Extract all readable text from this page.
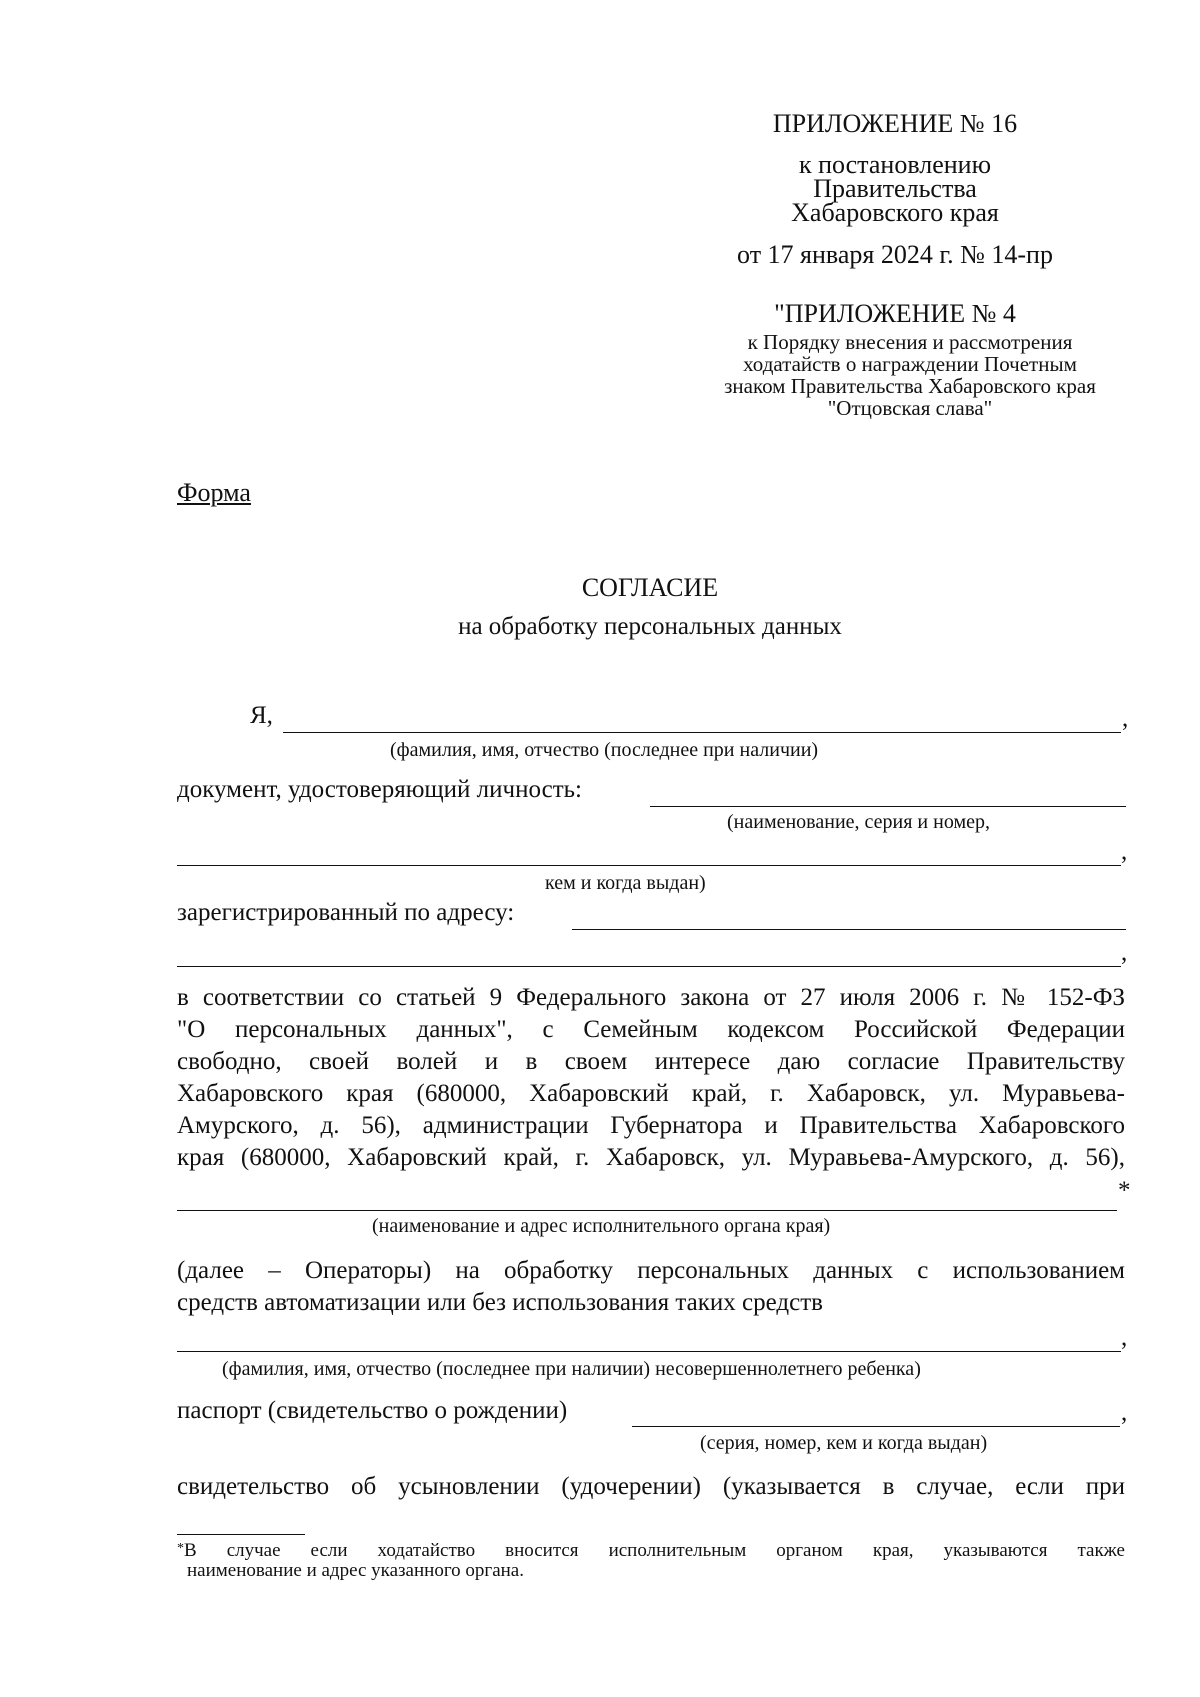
ПРИЛОЖЕНИЕ № 16
к постановлению
Правительства
Хабаровского края
от 17 января 2024 г. № 14-пр
"ПРИЛОЖЕНИЕ № 4
к Порядку внесения и рассмотрения
ходатайств о награждении Почетным
знаком Правительства Хабаровского края
"Отцовская слава"
Форма
СОГЛАСИЕ
на обработку персональных данных
Я,	,
(фамилия, имя, отчество (последнее при наличии)
документ, удостоверяющий личность:
(наименование, серия и номер,
,
кем и когда выдан)
зарегистрированный по адресу:
,
в соответствии со статьей 9 Федерального закона от 27 июля 2006 г. № 152-ФЗ
"О персональных данных", с Семейным кодексом Российской Федерации
свободно, своей волей и в своем интересе даю согласие Правительству
Хабаровского края (680000, Хабаровский край, г. Хабаровск, ул. Муравьева-
Амурского, д. 56), администрации Губернатора и Правительства Хабаровского
края (680000, Хабаровский край, г. Хабаровск, ул. Муравьева-Амурского, д. 56),
*
(наименование и адрес исполнительного органа края)
(далее – Операторы) на обработку персональных данных с использованием
средств автоматизации или без использования таких средств
,
(фамилия, имя, отчество (последнее при наличии) несовершеннолетнего ребенка)
паспорт (свидетельство о рождении)	,
(серия, номер, кем и когда выдан)
свидетельство об усыновлении (удочерении) (указывается в случае, если при
*В случае если ходатайство вносится исполнительным органом края, указываются также
наименование и адрес указанного органа.
